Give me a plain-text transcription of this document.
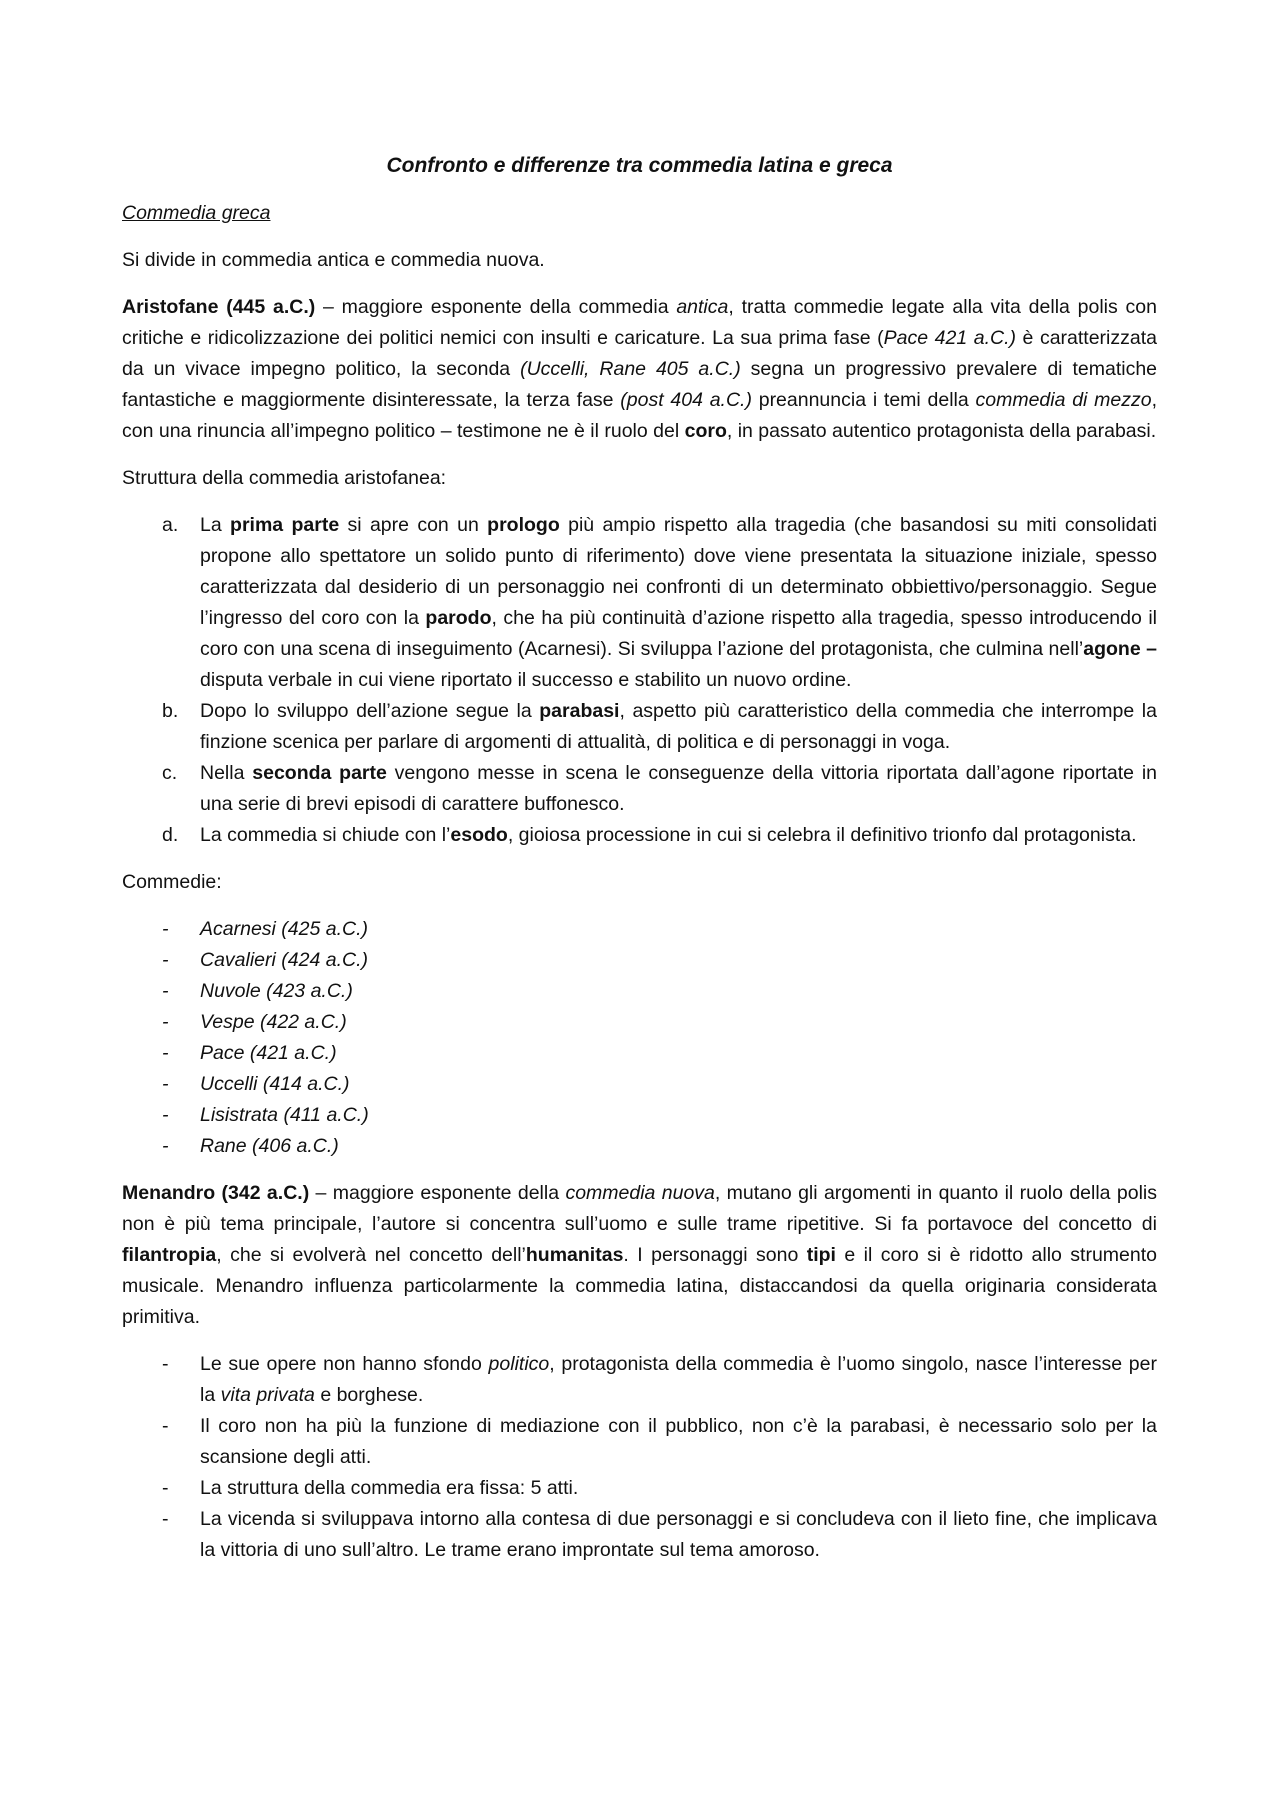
Confronto e differenze tra commedia latina e greca
Commedia greca

Si divide in commedia antica e commedia nuova.

Aristofane (445 a.C.) – maggiore esponente della commedia antica, tratta commedie legate alla vita della polis con critiche e ridicolizzazione dei politici nemici con insulti e caricature. La sua prima fase (Pace 421 a.C.) è caratterizzata da un vivace impegno politico, la seconda (Uccelli, Rane 405 a.C.) segna un progressivo prevalere di tematiche fantastiche e maggiormente disinteressate, la terza fase (post 404 a.C.) preannuncia i temi della commedia di mezzo, con una rinuncia all’impegno politico – testimone ne è il ruolo del coro, in passato autentico protagonista della parabasi.

Struttura della commedia aristofanea:

a. La prima parte si apre con un prologo più ampio rispetto alla tragedia (che basandosi su miti consolidati propone allo spettatore un solido punto di riferimento) dove viene presentata la situazione iniziale, spesso caratterizzata dal desiderio di un personaggio nei confronti di un determinato obbiettivo/personaggio. Segue l’ingresso del coro con la parodo, che ha più continuità d’azione rispetto alla tragedia, spesso introducendo il coro con una scena di inseguimento (Acarnesi). Si sviluppa l’azione del protagonista, che culmina nell’agone – disputa verbale in cui viene riportato il successo e stabilito un nuovo ordine.
b. Dopo lo sviluppo dell’azione segue la parabasi, aspetto più caratteristico della commedia che interrompe la finzione scenica per parlare di argomenti di attualità, di politica e di personaggi in voga.
c. Nella seconda parte vengono messe in scena le conseguenze della vittoria riportata dall’agone riportate in una serie di brevi episodi di carattere buffonesco.
d. La commedia si chiude con l’esodo, gioiosa processione in cui si celebra il definitivo trionfo dal protagonista.

Commedie:

- Acarnesi (425 a.C.)
- Cavalieri (424 a.C.)
- Nuvole (423 a.C.)
- Vespe (422 a.C.)
- Pace (421 a.C.)
- Uccelli (414 a.C.)
- Lisistrata (411 a.C.)
- Rane (406 a.C.)

Menandro (342 a.C.) – maggiore esponente della commedia nuova, mutano gli argomenti in quanto il ruolo della polis non è più tema principale, l’autore si concentra sull’uomo e sulle trame ripetitive. Si fa portavoce del concetto di filantropia, che si evolverà nel concetto dell’humanitas. I personaggi sono tipi e il coro si è ridotto allo strumento musicale. Menandro influenza particolarmente la commedia latina, distaccandosi da quella originaria considerata primitiva.

- Le sue opere non hanno sfondo politico, protagonista della commedia è l’uomo singolo, nasce l’interesse per la vita privata e borghese.
- Il coro non ha più la funzione di mediazione con il pubblico, non c’è la parabasi, è necessario solo per la scansione degli atti.
- La struttura della commedia era fissa: 5 atti.
- La vicenda si sviluppava intorno alla contesa di due personaggi e si concludeva con il lieto fine, che implicava la vittoria di uno sull’altro. Le trame erano improntate sul tema amoroso.
